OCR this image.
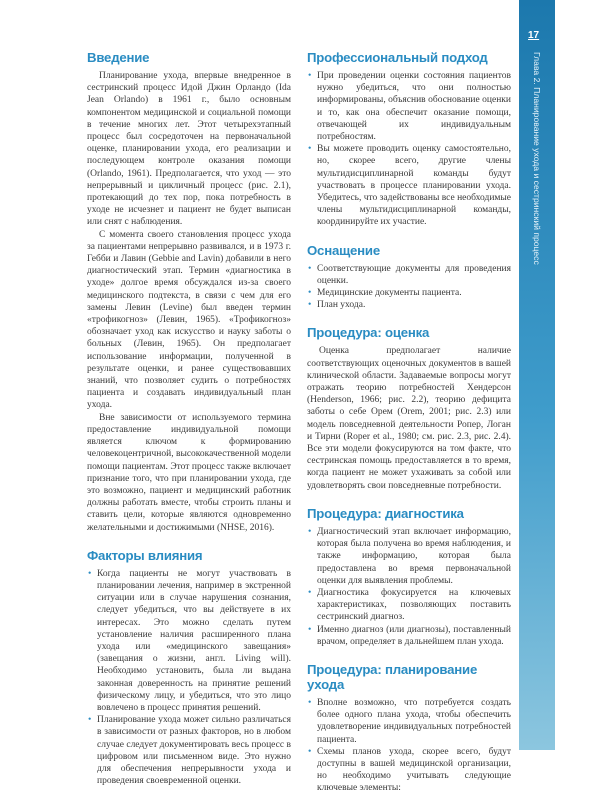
Введение

Планирование ухода, впервые внедренное в сестринский процесс Идой Джин Орландо (Ida Jean Orlando) в 1961 г., было основным компонентом медицинской и социальной помощи в течение многих лет. Этот четырехэтапный процесс был сосредоточен на первоначальной оценке, планировании ухода, его реализации и последующем контроле оказания помощи (Orlando, 1961). Предполагается, что уход — это непрерывный и цикличный процесс (рис. 2.1), протекающий до тех пор, пока потребность в уходе не исчезнет и пациент не будет выписан или снят с наблюдения.

С момента своего становления процесс ухода за пациентами непрерывно развивался, и в 1973 г. Гебби и Лавин (Gebbie and Lavin) добавили в него диагностический этап. Термин «диагностика в уходе» долгое время обсуждался из-за своего медицинского подтекста, в связи с чем для его замены Левин (Levine) был введен термин «трофикогноз» (Левин, 1965). «Трофикогноз» обозначает уход как искусство и науку заботы о больных (Левин, 1965). Он предполагает использование информации, полученной в результате оценки, и ранее существовавших знаний, что позволяет судить о потребностях пациента и создавать индивидуальный план ухода.

Вне зависимости от используемого термина предоставление индивидуальной помощи является ключом к формированию человекоцентричной, высококачественной модели помощи пациентам. Этот процесс также включает признание того, что при планировании ухода, где это возможно, пациент и медицинский работник должны работать вместе, чтобы строить планы и ставить цели, которые являются одновременно желательными и достижимыми (NHSE, 2016).

Факторы влияния
• Когда пациенты не могут участвовать в планировании лечения, например в экстренной ситуации или в случае нарушения сознания, следует убедиться, что вы действуете в их интересах. Это можно сделать путем установление наличия расширенного плана ухода или «медицинского завещания» (завещания о жизни, англ. Living will). Необходимо установить, была ли выдана законная доверенность на принятие решений физическому лицу, и убедиться, что это лицо вовлечено в процесс принятия решений.
• Планирование ухода может сильно различаться в зависимости от разных факторов, но в любом случае следует документировать весь процесс в цифровом или письменном виде. Это нужно для обеспечения непрерывности ухода и проведения своевременной оценки.
Профессиональный подход
• При проведении оценки состояния пациентов нужно убедиться, что они полностью информированы, объяснив обоснование оценки и то, как она обеспечит оказание помощи, отвечающей их индивидуальным потребностям.
• Вы можете проводить оценку самостоятельно, но, скорее всего, другие члены мультидисциплинарной команды будут участвовать в процессе планировании ухода. Убедитесь, что задействованы все необходимые члены мультидисциплинарной команды, координируйте их участие.
Оснащение
• Соответствующие документы для проведения оценки.
• Медицинские документы пациента.
• План ухода.
Процедура: оценка

Оценка предполагает наличие соответствующих оценочных документов в вашей клинической области. Задаваемые вопросы могут отражать теорию потребностей Хендерсон (Henderson, 1966; рис. 2.2), теорию дефицита заботы о себе Орем (Orem, 2001; рис. 2.3) или модель повседневной деятельности Ропер, Логан и Тирни (Roper et al., 1980; см. рис. 2.3, рис. 2.4). Все эти модели фокусируются на том факте, что сестринская помощь предоставляется в то время, когда пациент не может ухаживать за собой или удовлетворять свои повседневные потребности.

Процедура: диагностика
• Диагностический этап включает информацию, которая была получена во время наблюдения, и также информацию, которая была предоставлена во время первоначальной оценки для выявления проблемы.
• Диагностика фокусируется на ключевых характеристиках, позволяющих поставить сестринский диагноз.
• Именно диагноз (или диагнозы), поставленный врачом, определяет в дальнейшем план ухода.
Процедура: планирование ухода
• Вполне возможно, что потребуется создать более одного плана ухода, чтобы обеспечить удовлетворение индивидуальных потребностей пациента.
• Схемы планов ухода, скорее всего, будут доступны в вашей медицинской организации, но необходимо учитывать следующие ключевые элементы:
17
Глава 2. Планирование ухода и сестринский процесс
